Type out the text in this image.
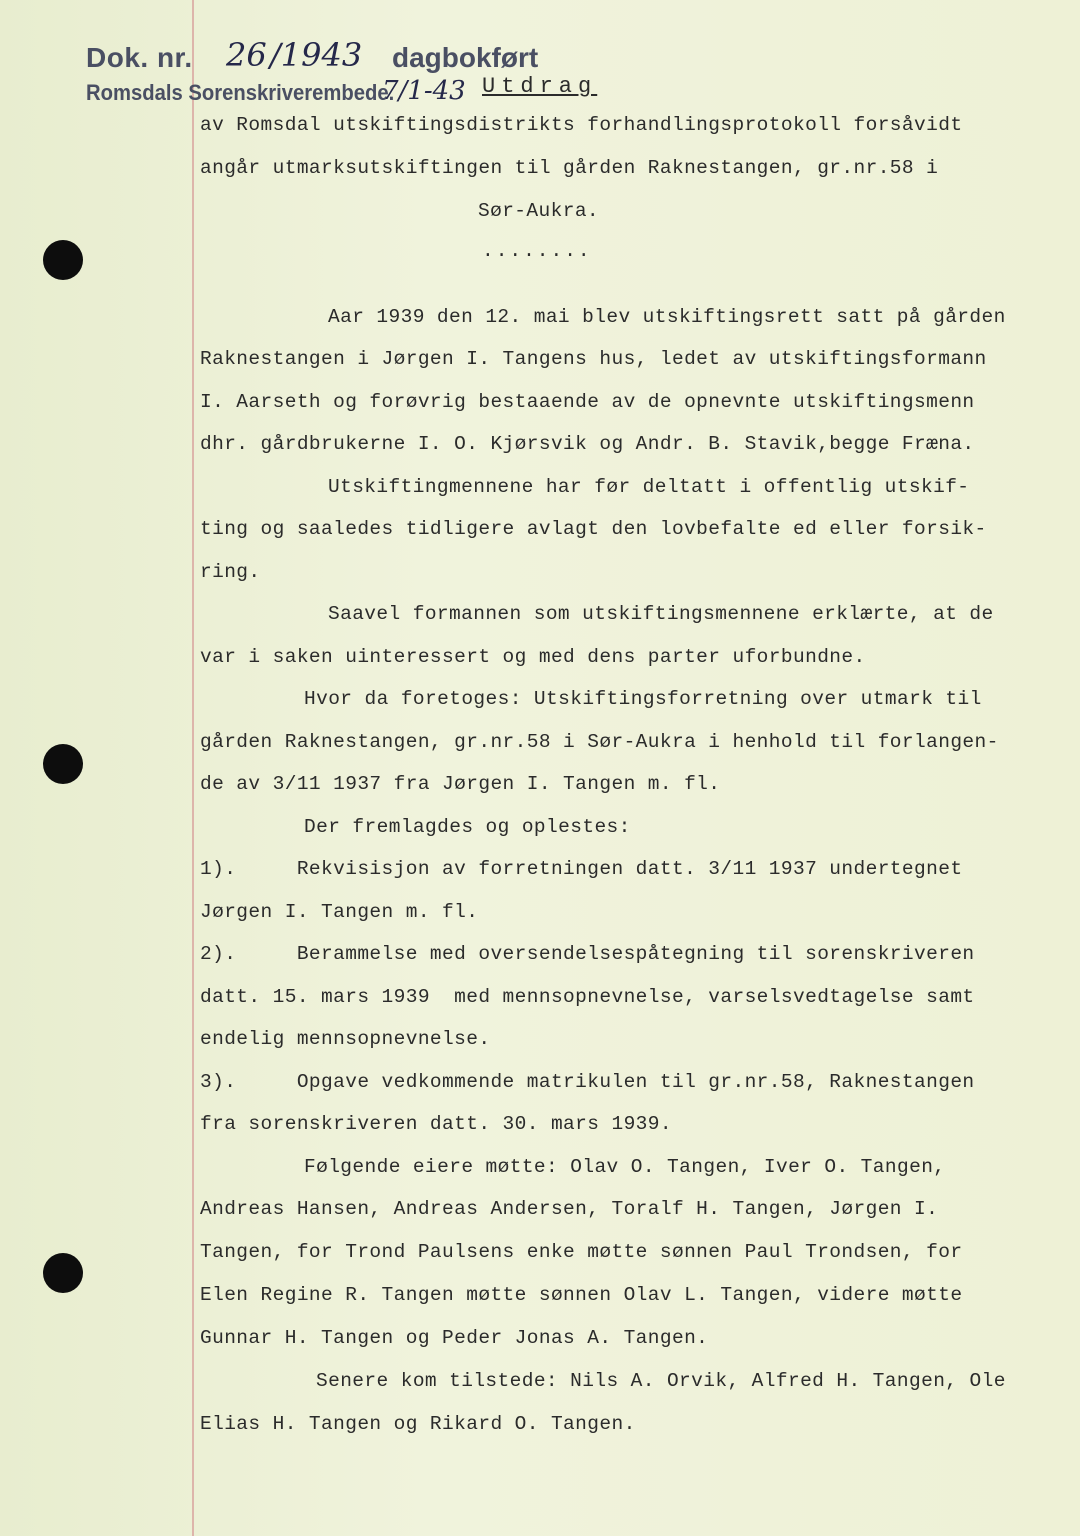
Dok. nr. 26 /1943 dagbokført
Romsdals Sorenskriverembede.
7/1-43 Utdrag
av Romsdal utskiftingsdistrikts forhandlingsprotokoll forsåvidt
angår utmarksutskiftingen til gården Raknestangen, gr.nr.58 i
Sør-Aukra.
........
Aar 1939 den 12. mai blev utskiftingsrett satt på gården
Raknestangen i Jørgen I. Tangens hus, ledet av utskiftingsformann
I. Aarseth og forøvrig bestaaende av de opnevnte utskiftingsmenn
dhr. gårdbrukerne I. O. Kjørsvik og Andr. B. Stavik,begge Fræna.
Utskiftingmennene har før deltatt i offentlig utskif-
ting og saaledes tidligere avlagt den lovbefalte ed eller forsik-
ring.
Saavel formannen som utskiftingsmennene erklærte, at de
var i saken uinteressert og med dens parter uforbundne.
Hvor da foretoges: Utskiftingsforretning over utmark til
gården Raknestangen, gr.nr.58 i Sør-Aukra i henhold til forlangen-
de av 3/11 1937 fra Jørgen I. Tangen m. fl.
Der fremlagdes og oplestes:
1).     Rekvisisjon av forretningen datt. 3/11 1937 undertegnet
Jørgen I. Tangen m. fl.
2).     Berammelse med oversendelsespåtegning til sorenskriveren
datt. 15. mars 1939  med mennsopnevnelse, varselsvedtagelse samt
endelig mennsopnevnelse.
3).     Opgave vedkommende matrikulen til gr.nr.58, Raknestangen
fra sorenskriveren datt. 30. mars 1939.
Følgende eiere møtte: Olav O. Tangen, Iver O. Tangen,
Andreas Hansen, Andreas Andersen, Toralf H. Tangen, Jørgen I.
Tangen, for Trond Paulsens enke møtte sønnen Paul Trondsen, for
Elen Regine R. Tangen møtte sønnen Olav L. Tangen, videre møtte
Gunnar H. Tangen og Peder Jonas A. Tangen.
Senere kom tilstede: Nils A. Orvik, Alfred H. Tangen, Ole
Elias H. Tangen og Rikard O. Tangen.
